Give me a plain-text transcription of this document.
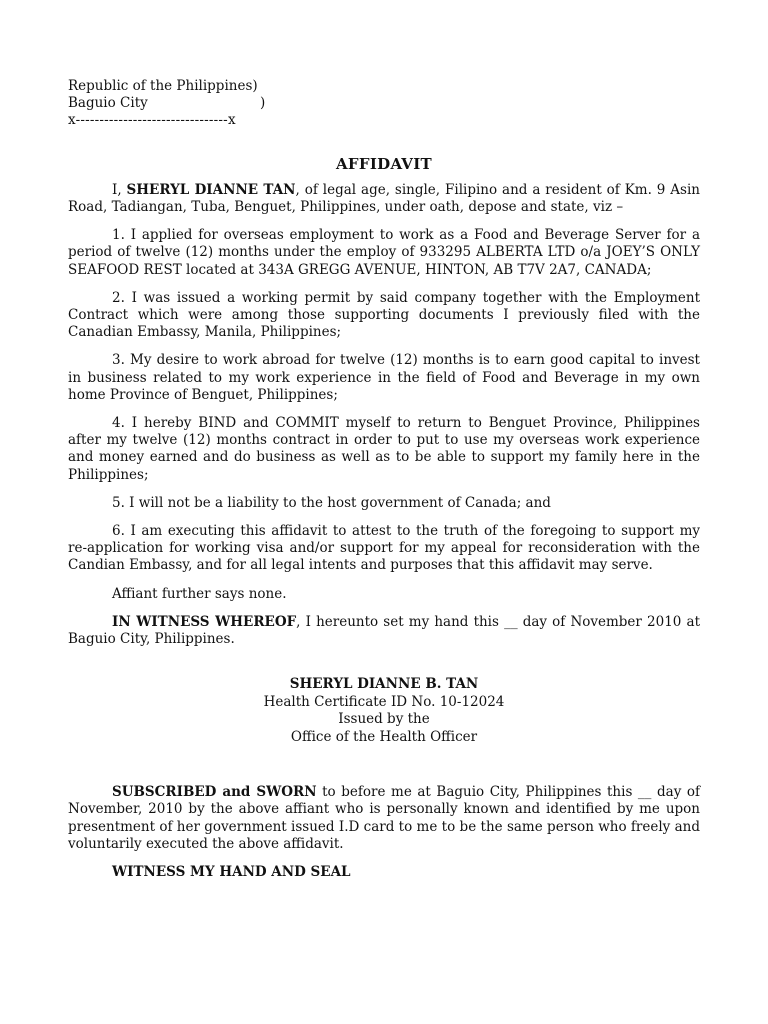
Republic of the Philippines)
Baguio City	)
x--------------------------------x
AFFIDAVIT

I, SHERYL DIANNE TAN, of legal age, single, Filipino and a resident of Km. 9 Asin Road, Tadiangan, Tuba, Benguet, Philippines, under oath, depose and state, viz –

1. I applied for overseas employment to work as a Food and Beverage Server for a period of twelve (12) months under the employ of 933295 ALBERTA LTD o/a JOEY’S ONLY SEAFOOD REST located at 343A GREGG AVENUE, HINTON, AB T7V 2A7, CANADA;

2. I was issued a working permit by said company together with the Employment Contract which were among those supporting documents I previously filed with the Canadian Embassy, Manila, Philippines;

3. My desire to work abroad for twelve (12) months is to earn good capital to invest in business related to my work experience in the field of Food and Beverage in my own home Province of Benguet, Philippines;

4. I hereby BIND and COMMIT myself to return to Benguet Province, Philippines after my twelve (12) months contract in order to put to use my overseas work experience and money earned and do business as well as to be able to support my family here in the Philippines;

5. I will not be a liability to the host government of Canada; and

6. I am executing this affidavit to attest to the truth of the foregoing to support my re-application for working visa and/or support for my appeal for reconsideration with the Candian Embassy, and for all legal intents and purposes that this affidavit may serve.

Affiant further says none.

IN WITNESS WHEREOF, I hereunto set my hand this __ day of November 2010 at Baguio City, Philippines.

SHERYL DIANNE B. TAN
Health Certificate ID No. 10-12024
Issued by the
Office of the Health Officer

SUBSCRIBED and SWORN to before me at Baguio City, Philippines this __ day of November, 2010 by the above affiant who is personally known and identified by me upon presentment of her government issued I.D card to me to be the same person who freely and voluntarily executed the above affidavit.

WITNESS MY HAND AND SEAL
